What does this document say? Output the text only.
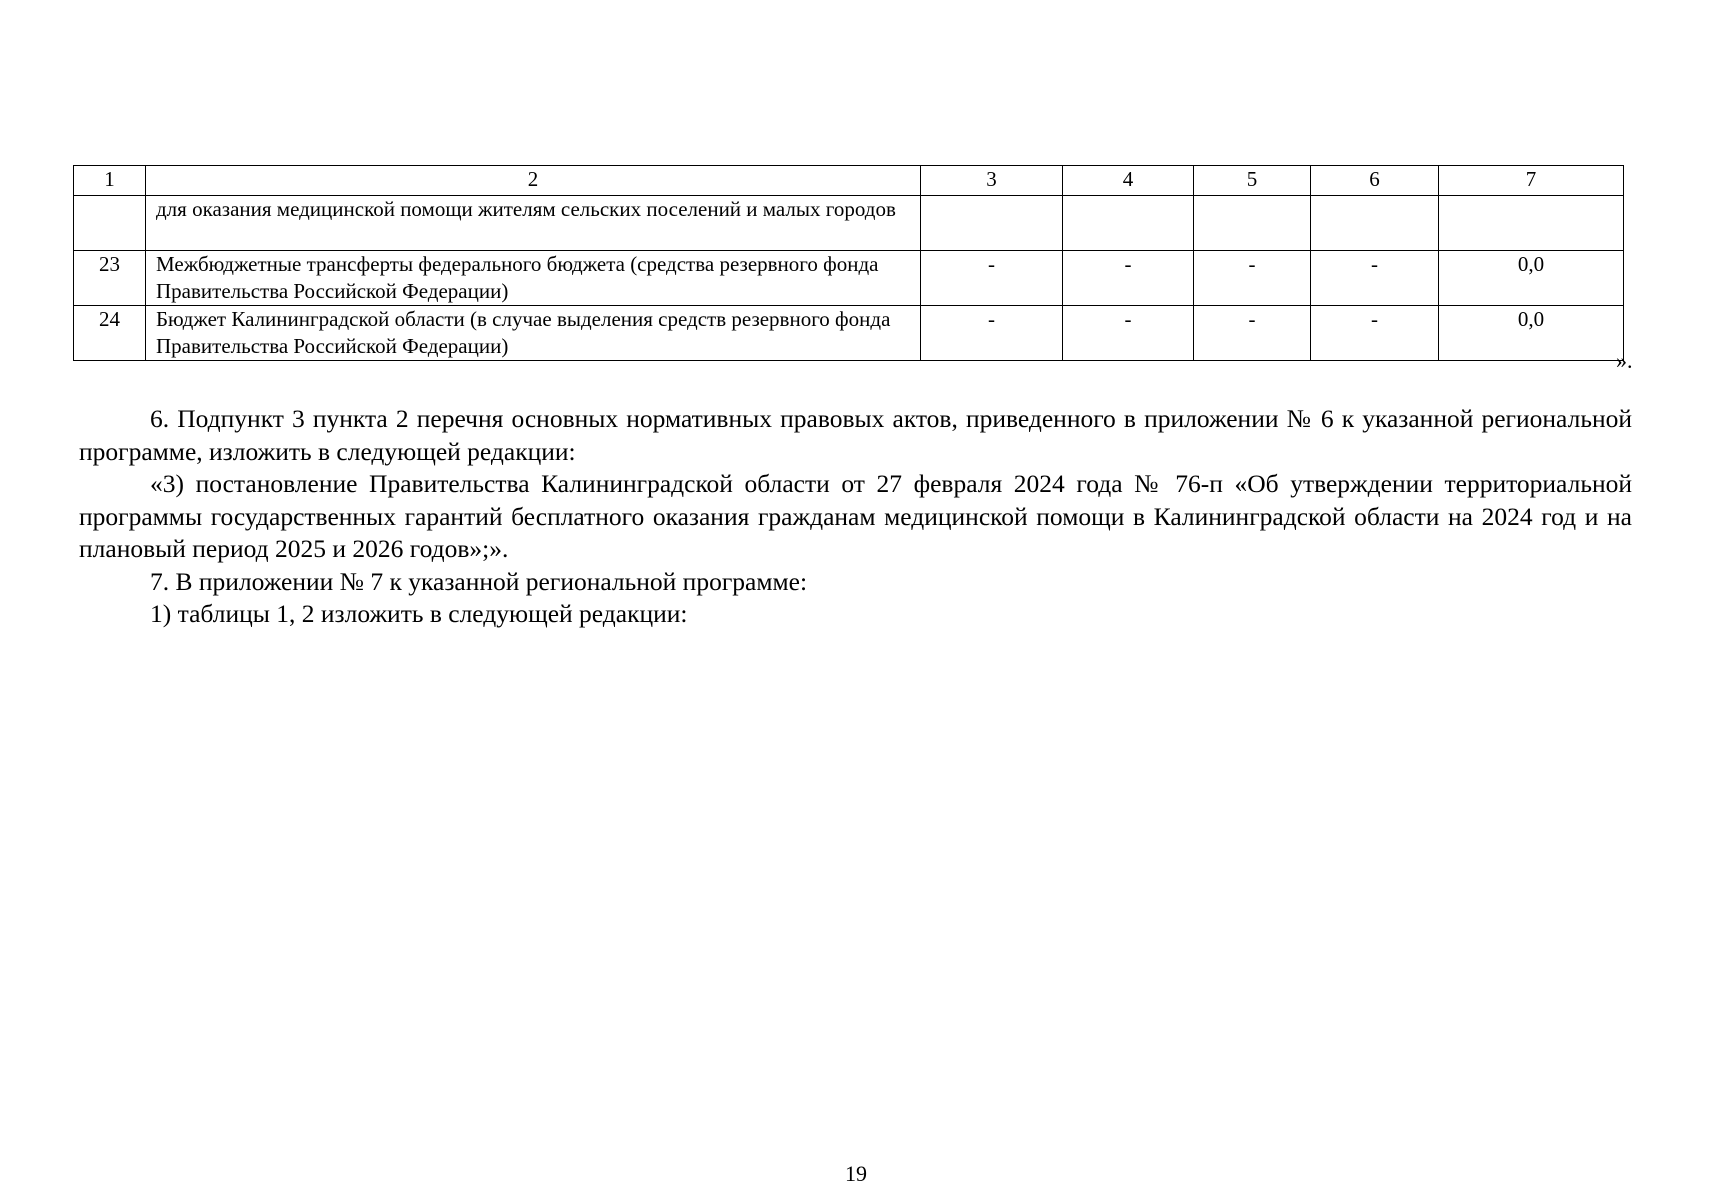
1	2	3	4	5	6	7
	для оказания медицинской помощи жителям сельских поселений и малых городов					
23	Межбюджетные трансферты федерального бюджета (средства резервного фонда Правительства Российской Федерации)	-	-	-	-	0,0
24	Бюджет Калининградской области (в случае выделения средств резервного фонда Правительства Российской Федерации)	-	-	-	-	0,0
».

6. Подпункт 3 пункта 2 перечня основных нормативных правовых актов, приведенного в приложении № 6 к указанной региональной программе, изложить в следующей редакции:

«3) постановление Правительства Калининградской области от 27 февраля 2024 года № 76-п «Об утверждении территориальной программы государственных гарантий бесплатного оказания гражданам медицинской помощи в Калининградской области на 2024 год и на плановый период 2025 и 2026 годов»;».

7. В приложении № 7 к указанной региональной программе:

1) таблицы 1, 2 изложить в следующей редакции:

19
